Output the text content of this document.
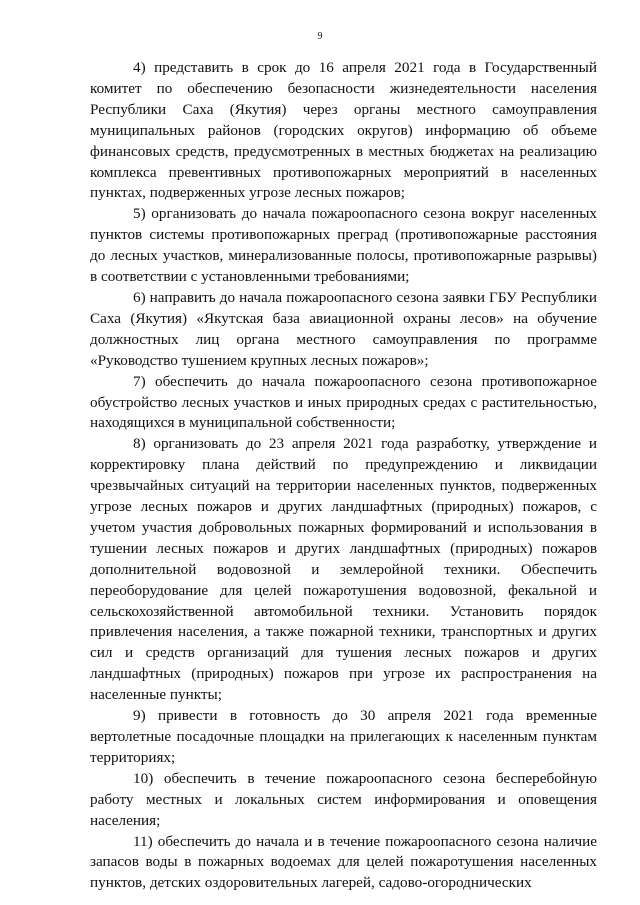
9

4) представить в срок до 16 апреля 2021 года в Государственный комитет по обеспечению безопасности жизнедеятельности населения Республики Саха (Якутия) через органы местного самоуправления муниципальных районов (городских округов) информацию об объеме финансовых средств, предусмотренных в местных бюджетах на реализацию комплекса превентивных противопожарных мероприятий в населенных пунктах, подверженных угрозе лесных пожаров;

5) организовать до начала пожароопасного сезона вокруг населенных пунктов системы противопожарных преград (противопожарные расстояния до лесных участков, минерализованные полосы, противопожарные разрывы) в соответствии с установленными требованиями;

6) направить до начала пожароопасного сезона заявки ГБУ Республики Саха (Якутия) «Якутская база авиационной охраны лесов» на обучение должностных лиц органа местного самоуправления по программе «Руководство тушением крупных лесных пожаров»;

7) обеспечить до начала пожароопасного сезона противопожарное обустройство лесных участков и иных природных средах с растительностью, находящихся в муниципальной собственности;

8) организовать до 23 апреля 2021 года разработку, утверждение и корректировку плана действий по предупреждению и ликвидации чрезвычайных ситуаций на территории населенных пунктов, подверженных угрозе лесных пожаров и других ландшафтных (природных) пожаров, с учетом участия добровольных пожарных формирований и использования в тушении лесных пожаров и других ландшафтных (природных) пожаров дополнительной водовозной и землеройной техники. Обеспечить переоборудование для целей пожаротушения водовозной, фекальной и сельскохозяйственной автомобильной техники. Установить порядок привлечения населения, а также пожарной техники, транспортных и других сил и средств организаций для тушения лесных пожаров и других ландшафтных (природных) пожаров при угрозе их распространения на населенные пункты;

9) привести в готовность до 30 апреля 2021 года временные вертолетные посадочные площадки на прилегающих к населенным пунктам территориях;

10) обеспечить в течение пожароопасного сезона бесперебойную работу местных и локальных систем информирования и оповещения населения;

11) обеспечить до начала и в течение пожароопасного сезона наличие запасов воды в пожарных водоемах для целей пожаротушения населенных пунктов, детских оздоровительных лагерей, садово-огороднических
